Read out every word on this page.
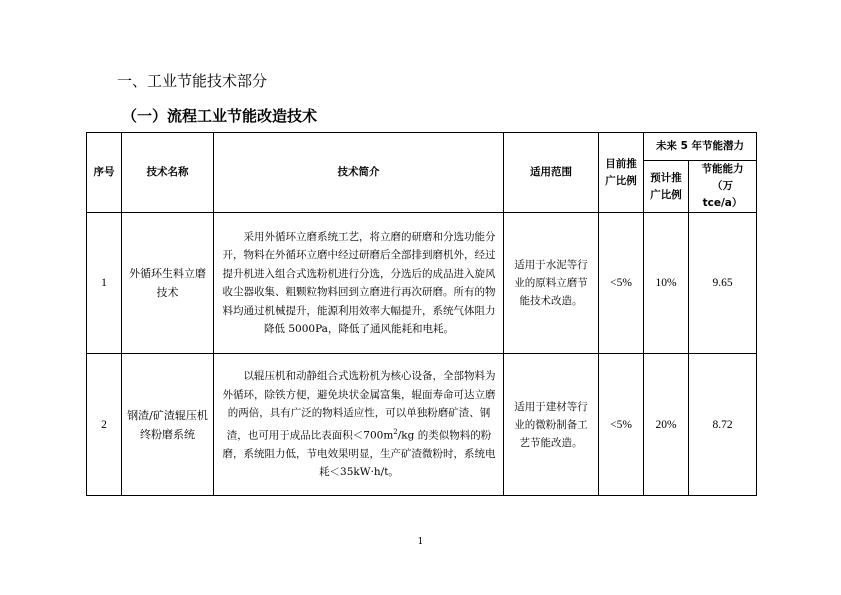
一、工业节能技术部分
（一）流程工业节能改造技术
序号	技术名称	技术简介	适用范围	目前推广比例	未来 5 年节能潜力	
					预计推广比例	节能能力（万 tce/a）
1	外循环生料立磨技术	采用外循环立磨系统工艺，将立磨的研磨和分选功能分开，物料在外循环立磨中经过研磨后全部排到磨机外，经过提升机进入组合式选粉机进行分选，分选后的成品进入旋风收尘器收集、粗颗粒物料回到立磨进行再次研磨。所有的物料均通过机械提升，能源利用效率大幅提升，系统气体阻力降低 5000Pa，降低了通风能耗和电耗。	适用于水泥等行业的原料立磨节能技术改造。	<5%	10%	9.65
2	钢渣/矿渣辊压机终粉磨系统	以辊压机和动静组合式选粉机为核心设备，全部物料为外循环，除铁方便，避免块状金属富集，辊面寿命可达立磨的两倍，具有广泛的物料适应性，可以单独粉磨矿渣、钢渣，也可用于成品比表面积$<700m^2/kg$ 的类似物料的粉磨，系统阻力低，节电效果明显，生产矿渣微粉时，系统电耗＜35kW·h/t。	适用于建材等行业的微粉制备工艺节能改造。	<5%	20%	8.72
1
